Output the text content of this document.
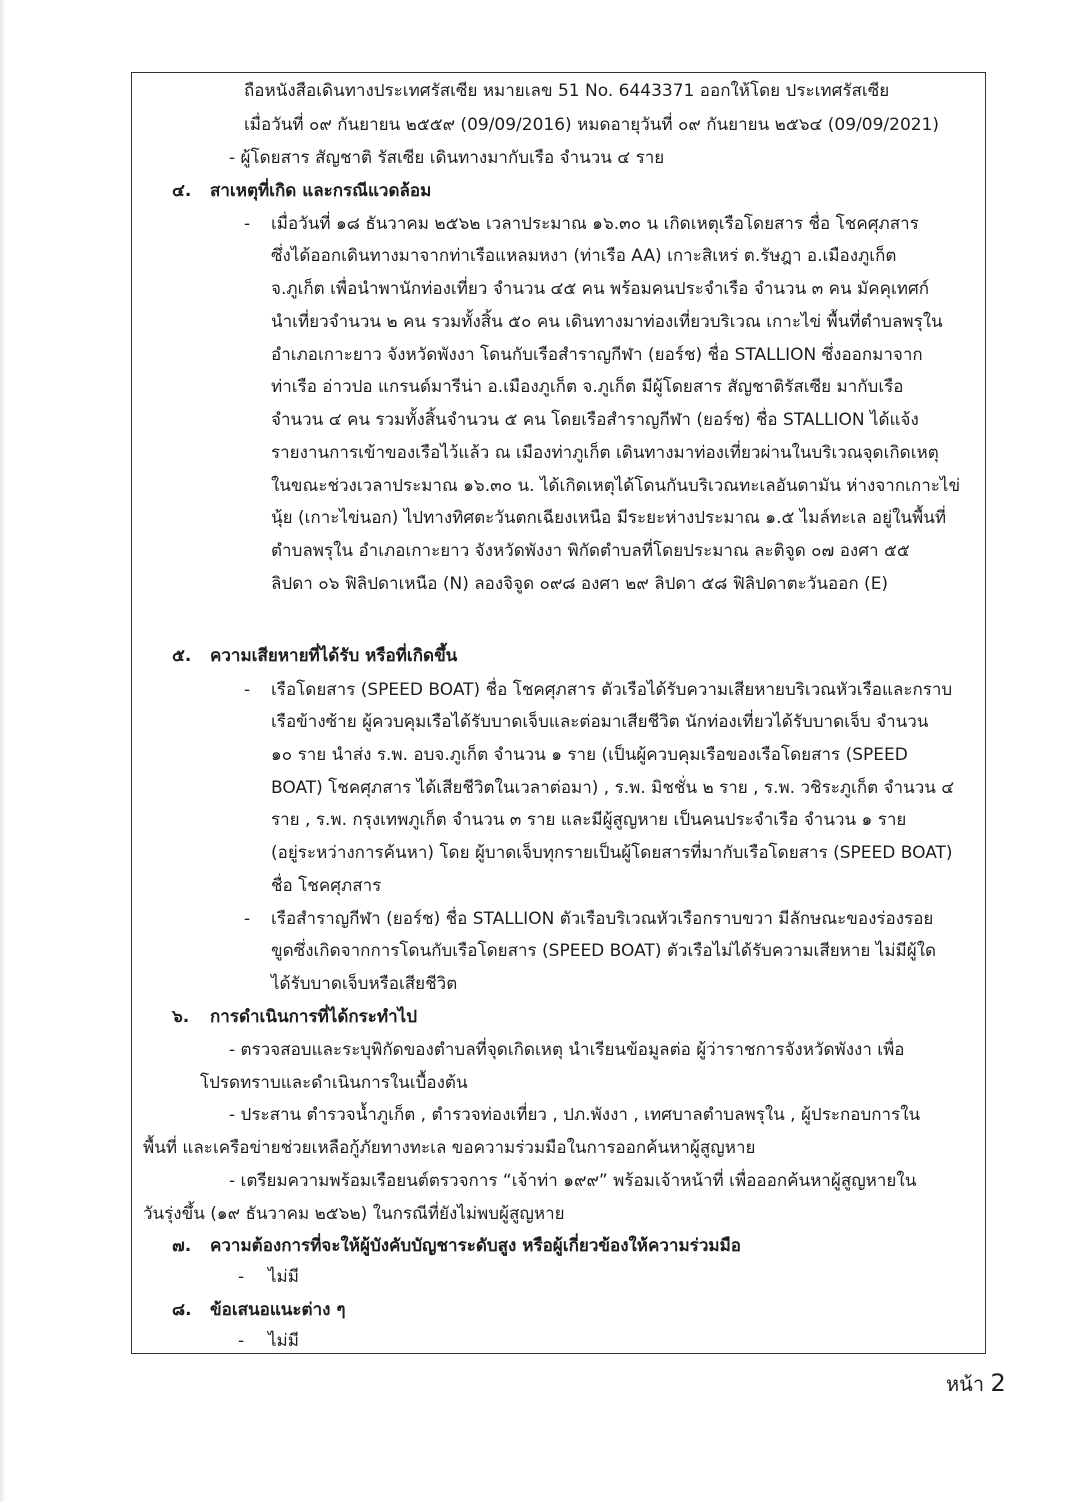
ถือหนังสือเดินทางประเทศรัสเซีย หมายเลข 51 No. 6443371 ออกให้โดย ประเทศรัสเซีย
เมื่อวันที่ ๐๙ กันยายน ๒๕๕๙ (09/09/2016) หมดอายุวันที่ ๐๙ กันยายน ๒๕๖๔ (09/09/2021)
- ผู้โดยสาร สัญชาติ รัสเซีย เดินทางมากับเรือ จำนวน ๔ ราย
๔. สาเหตุที่เกิด และกรณีแวดล้อม
- เมื่อวันที่ ๑๘ ธันวาคม ๒๕๖๒ เวลาประมาณ ๑๖.๓๐ น เกิดเหตุเรือโดยสาร ชื่อ โชคศุภสาร
ซึ่งได้ออกเดินทางมาจากท่าเรือแหลมหงา (ท่าเรือ AA) เกาะสิเหร่ ต.รัษฎา อ.เมืองภูเก็ต
จ.ภูเก็ต เพื่อนำพานักท่องเที่ยว จำนวน ๔๕ คน พร้อมคนประจำเรือ จำนวน ๓ คน มัคคุเทศก์
นำเที่ยวจำนวน ๒ คน รวมทั้งสิ้น ๕๐ คน เดินทางมาท่องเที่ยวบริเวณ เกาะไข่ พื้นที่ตำบลพรุใน
อำเภอเกาะยาว จังหวัดพังงา โดนกับเรือสำราญกีฬา (ยอร์ช) ชื่อ STALLION ซึ่งออกมาจาก
ท่าเรือ อ่าวปอ แกรนด์มารีน่า อ.เมืองภูเก็ต จ.ภูเก็ต มีผู้โดยสาร สัญชาติรัสเซีย มากับเรือ
จำนวน ๔ คน รวมทั้งสิ้นจำนวน ๕ คน โดยเรือสำราญกีฬา (ยอร์ช) ชื่อ STALLION ได้แจ้ง
รายงานการเข้าของเรือไว้แล้ว ณ เมืองท่าภูเก็ต เดินทางมาท่องเที่ยวผ่านในบริเวณจุดเกิดเหตุ
ในขณะช่วงเวลาประมาณ ๑๖.๓๐ น. ได้เกิดเหตุได้โดนกันบริเวณทะเลอันดามัน ห่างจากเกาะไข่
นุ้ย (เกาะไข่นอก) ไปทางทิศตะวันตกเฉียงเหนือ มีระยะห่างประมาณ ๑.๕ ไมล์ทะเล อยู่ในพื้นที่
ตำบลพรุใน อำเภอเกาะยาว จังหวัดพังงา พิกัดตำบลที่โดยประมาณ ละติจูด ๐๗ องศา ๕๕
ลิปดา ๐๖ ฟิลิปดาเหนือ (N) ลองจิจูด ๐๙๘ องศา ๒๙ ลิปดา ๕๘ ฟิลิปดาตะวันออก (E)
๕. ความเสียหายที่ได้รับ หรือที่เกิดขึ้น
- เรือโดยสาร (SPEED BOAT) ชื่อ โชคศุภสาร ตัวเรือได้รับความเสียหายบริเวณหัวเรือและกราบ
เรือข้างซ้าย ผู้ควบคุมเรือได้รับบาดเจ็บและต่อมาเสียชีวิต นักท่องเที่ยวได้รับบาดเจ็บ จำนวน
๑๐ ราย นำส่ง ร.พ. อบจ.ภูเก็ต จำนวน ๑ ราย (เป็นผู้ควบคุมเรือของเรือโดยสาร (SPEED
BOAT) โชคศุภสาร ได้เสียชีวิตในเวลาต่อมา) , ร.พ. มิชชั่น ๒ ราย , ร.พ. วชิระภูเก็ต จำนวน ๔
ราย , ร.พ. กรุงเทพภูเก็ต จำนวน ๓ ราย และมีผู้สูญหาย เป็นคนประจำเรือ จำนวน ๑ ราย
(อยู่ระหว่างการค้นหา) โดย ผู้บาดเจ็บทุกรายเป็นผู้โดยสารที่มากับเรือโดยสาร (SPEED BOAT)
ชื่อ โชคศุภสาร
- เรือสำราญกีฬา (ยอร์ช) ชื่อ STALLION ตัวเรือบริเวณหัวเรือกราบขวา มีลักษณะของร่องรอย
ขูดซึ่งเกิดจากการโดนกับเรือโดยสาร (SPEED BOAT) ตัวเรือไม่ได้รับความเสียหาย ไม่มีผู้ใด
ได้รับบาดเจ็บหรือเสียชีวิต
๖. การดำเนินการที่ได้กระทำไป
- ตรวจสอบและระบุพิกัดของตำบลที่จุดเกิดเหตุ นำเรียนข้อมูลต่อ ผู้ว่าราชการจังหวัดพังงา เพื่อ
โปรดทราบและดำเนินการในเบื้องต้น
- ประสาน ตำรวจน้ำภูเก็ต , ตำรวจท่องเที่ยว , ปภ.พังงา , เทศบาลตำบลพรุใน , ผู้ประกอบการใน
พื้นที่ และเครือข่ายช่วยเหลือกู้ภัยทางทะเล ขอความร่วมมือในการออกค้นหาผู้สูญหาย
- เตรียมความพร้อมเรือยนต์ตรวจการ “เจ้าท่า ๑๙๙” พร้อมเจ้าหน้าที่ เพื่อออกค้นหาผู้สูญหายใน
วันรุ่งขึ้น (๑๙ ธันวาคม ๒๕๖๒) ในกรณีที่ยังไม่พบผู้สูญหาย
๗. ความต้องการที่จะให้ผู้บังคับบัญชาระดับสูง หรือผู้เกี่ยวข้องให้ความร่วมมือ
- ไม่มี
๘. ข้อเสนอแนะต่าง ๆ
- ไม่มี
หน้า 2
